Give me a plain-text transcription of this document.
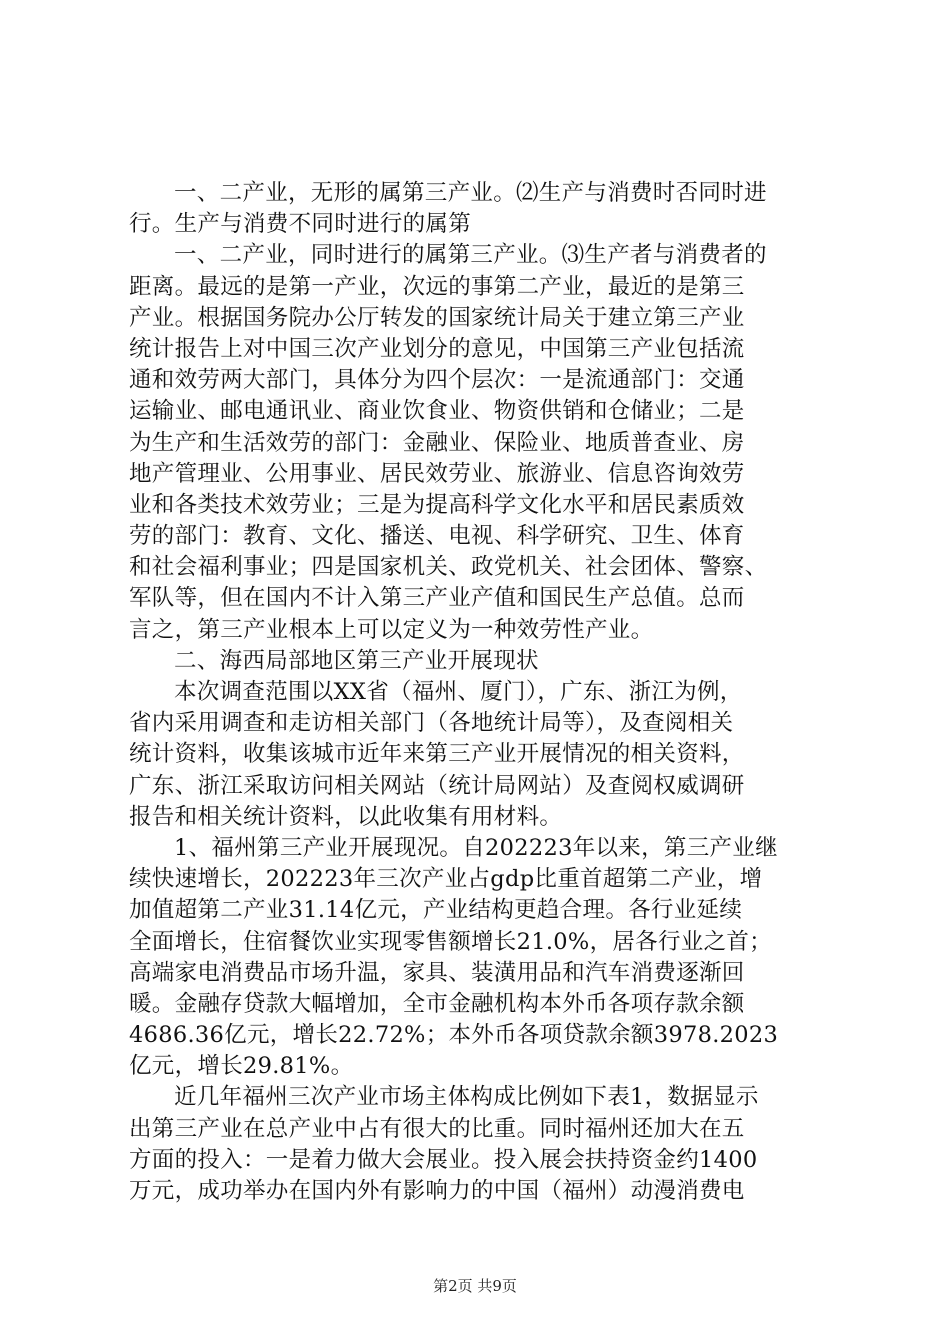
一、二产业，无形的属第三产业。⑵生产与消费时否同时进
行。生产与消费不同时进行的属第
一、二产业，同时进行的属第三产业。⑶生产者与消费者的
距离。最远的是第一产业，次远的事第二产业，最近的是第三
产业。根据国务院办公厅转发的国家统计局关于建立第三产业
统计报告上对中国三次产业划分的意见，中国第三产业包括流
通和效劳两大部门，具体分为四个层次：一是流通部门：交通
运输业、邮电通讯业、商业饮食业、物资供销和仓储业；二是
为生产和生活效劳的部门：金融业、保险业、地质普查业、房
地产管理业、公用事业、居民效劳业、旅游业、信息咨询效劳
业和各类技术效劳业；三是为提高科学文化水平和居民素质效
劳的部门：教育、文化、播送、电视、科学研究、卫生、体育
和社会福利事业；四是国家机关、政党机关、社会团体、警察、
军队等，但在国内不计入第三产业产值和国民生产总值。总而
言之，第三产业根本上可以定义为一种效劳性产业。
二、海西局部地区第三产业开展现状
本次调查范围以XX省（福州、厦门），广东、浙江为例，
省内采用调查和走访相关部门（各地统计局等），及查阅相关
统计资料，收集该城市近年来第三产业开展情况的相关资料，
广东、浙江采取访问相关网站（统计局网站）及查阅权威调研
报告和相关统计资料，以此收集有用材料。
1、福州第三产业开展现况。自202223年以来，第三产业继
续快速增长，202223年三次产业占gdp比重首超第二产业，增
加值超第二产业31.14亿元，产业结构更趋合理。各行业延续
全面增长，住宿餐饮业实现零售额增长21.0%，居各行业之首；
高端家电消费品市场升温，家具、装潢用品和汽车消费逐渐回
暖。金融存贷款大幅增加，全市金融机构本外币各项存款余额
4686.36亿元，增长22.72%；本外币各项贷款余额3978.2023
亿元，增长29.81%。
近几年福州三次产业市场主体构成比例如下表1，数据显示
出第三产业在总产业中占有很大的比重。同时福州还加大在五
方面的投入：一是着力做大会展业。投入展会扶持资金约1400
万元，成功举办在国内外有影响力的中国（福州）动漫消费电
第2页 共9页
